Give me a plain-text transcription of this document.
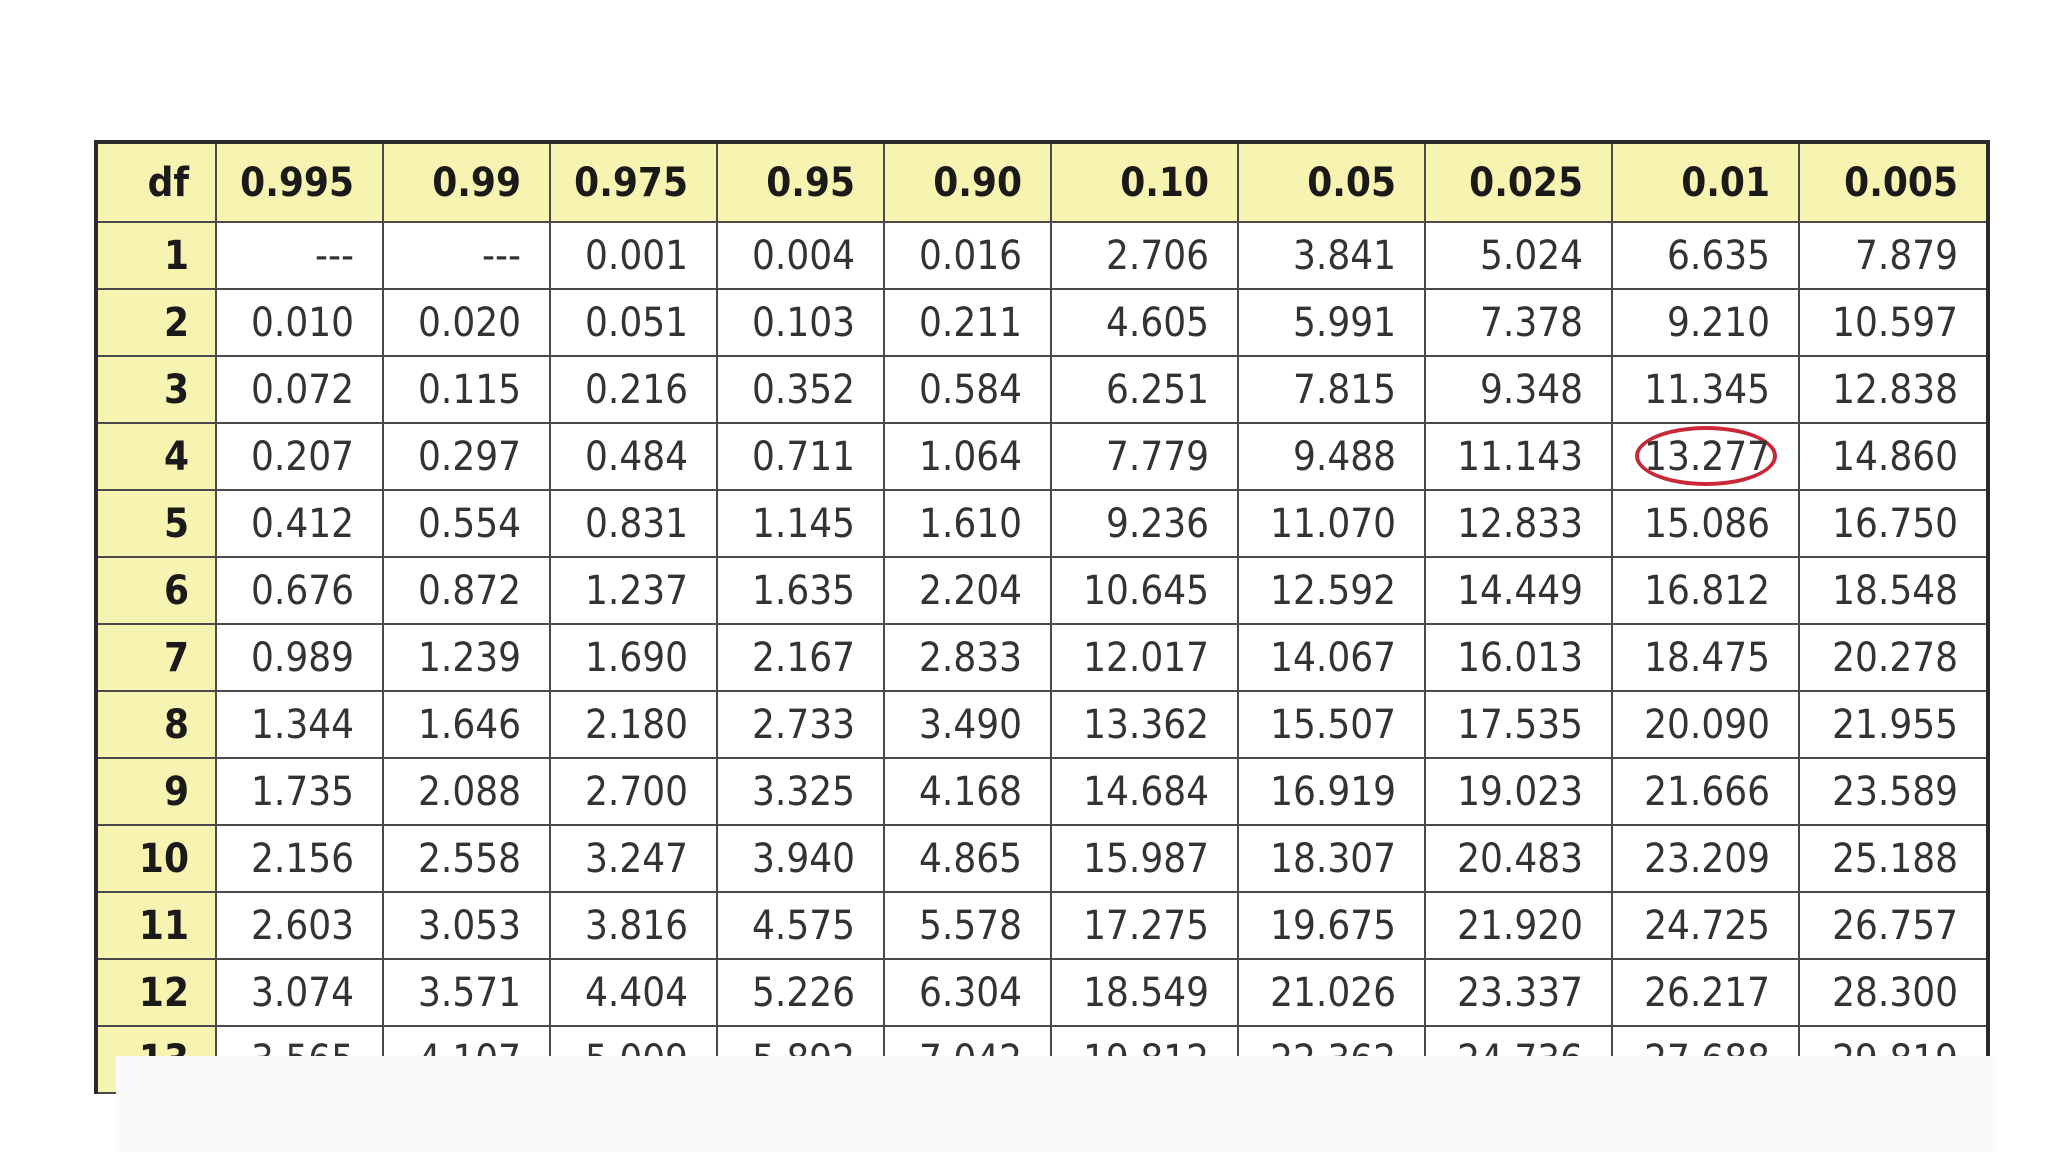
df	0.995	0.99	0.975	0.95	0.90	0.10	0.05	0.025	0.01	0.005
1	---	---	0.001	0.004	0.016	2.706	3.841	5.024	6.635	7.879
2	0.010	0.020	0.051	0.103	0.211	4.605	5.991	7.378	9.210	10.597
3	0.072	0.115	0.216	0.352	0.584	6.251	7.815	9.348	11.345	12.838
4	0.207	0.297	0.484	0.711	1.064	7.779	9.488	11.143	13.277	14.860
5	0.412	0.554	0.831	1.145	1.610	9.236	11.070	12.833	15.086	16.750
6	0.676	0.872	1.237	1.635	2.204	10.645	12.592	14.449	16.812	18.548
7	0.989	1.239	1.690	2.167	2.833	12.017	14.067	16.013	18.475	20.278
8	1.344	1.646	2.180	2.733	3.490	13.362	15.507	17.535	20.090	21.955
9	1.735	2.088	2.700	3.325	4.168	14.684	16.919	19.023	21.666	23.589
10	2.156	2.558	3.247	3.940	4.865	15.987	18.307	20.483	23.209	25.188
11	2.603	3.053	3.816	4.575	5.578	17.275	19.675	21.920	24.725	26.757
12	3.074	3.571	4.404	5.226	6.304	18.549	21.026	23.337	26.217	28.300
